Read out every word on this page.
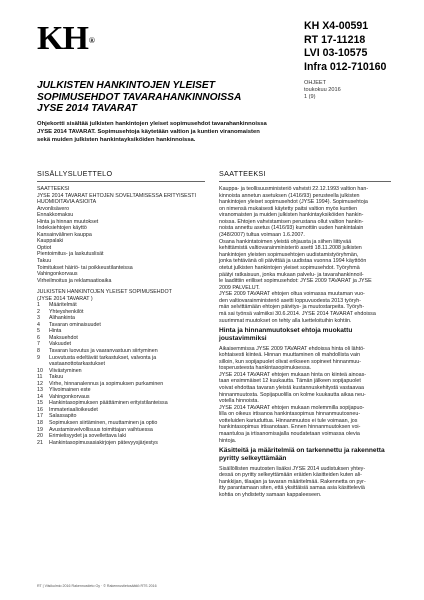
KH®
KH X4-00591
RT 17-11218
LVI 03-10575
Infra 012-710160
OHJEET
toukokuu 2016
1 (9)
JULKISTEN HANKINTOJEN YLEISET
SOPIMUSEHDOT TAVARAHANKINNOISSA
JYSE 2014 TAVARAT
Ohjekortti sisältää julkisten hankintojen yleiset sopimusehdot tavarahankinnoissa
JYSE 2014 TAVARAT. Sopimusehtoja käytetään valtion ja kuntien viranomaisten
sekä muiden julkisten hankintayksiköiden hankinnoissa.
SISÄLLYSLUETTELO
SAATTEEKSI
JYSE 2014 TAVARAT EHTOJEN SOVELTAMISESSA ERITYISESTI
HUOMIOITAVIA ASIOITA
Arvonlisävero
Ennakkomaksu
Hinta ja hinnan muutokset
Indeksiehtojen käyttö
Kansainvälinen kauppa
Kauppalaki
Optiot
Pientoimitus- ja laskutuslisät
Takuu
Toimitukset häiriö- tai poikkeustilanteissa
Vahingonkorvaus
Virheilmoitus ja reklamaatioaika
JULKISTEN HANKINTOJEN YLEISET SOPIMUSEHDOT
(JYSE 2014 TAVARAT )
1 Määritelmät
2 Yhteyshenkilöt
3 Alihankinta
4 Tavaran ominaisuudet
5 Hinta
6 Maksuehdot
7 Vakuudet
8 Tavaran luovutus ja vaaranvastuun siirtyminen
9 Luovutusta edeltävät tarkastukset, valvonta ja
vastaanottotarkastukset
10 Viivästyminen
11 Takuu
12 Virhe, hinnanalennus ja sopimuksen purkaminen
13 Ylivoimainen este
14 Vahingonkorvaus
15 Hankintasopimuksen päättäminen erityistilanteissa
16 Immateriaalioikeudet
17 Salassapito
18 Sopimuksen siirtäminen, muuttaminen ja optio
19 Avustamisvelvollisuus toimittajan vaihtuessa
20 Erimielisyydet ja sovellettava laki
21 Hankintasopimusasiakirjojen pätevyysjärjestys
SAATTEEKSI
Kauppa- ja teollisuusministeriö vahvisti 22.12.1993 valtion han-
kinnoista annetun asetuksen (1416/93) perusteella julkisten
hankintojen yleiset sopimusehdot (JYSE 1994). Sopimusehtoja
on nimensä mukaisesti käytetty paitsi valtion myös kuntien
viranomaisten ja muiden julkisten hankintayksiköiden hankin-
noissa. Ehtojen vahvistamisen perustana ollut valtion hankin-
noista annettu asetus (1416/93) kumottiin uuden hankintalain
(348/2007) tultua voimaan 1.6.2007.
Osana hankintatoimen yleistä ohjausta ja siihen liittyvää
kehittämistä valtiovarainministeriö asetti 18.11.2008 julkisten
hankintojen yleisten sopimusehtojen uudistamistyöryhmän,
jonka tehtävänä oli päivittää ja uudistaa vuonna 1994 käyttöön
otetut julkisten hankintojen yleiset sopimusehdot. Työryhmä
päätyi ratkaisuun, jonka mukaan palvelu- ja tavarahankinnoil-
le laadittiin erilliset sopimusehdot: JYSE 2009 TAVARAT ja JYSE
2009 PALVELUT.
JYSE 2009 TAVARAT ehtojen oltua voimassa muutaman vuo-
den valtiovarainministeriö asetti loppuvuodesta 2013 työryh-
män selvittämään ehtojen päivitys- ja muutostarpeita. Työryh-
mä sai työnsä valmiiksi 30.6.2014. JYSE 2014 TAVARAT ehdoissa
suurimmat muutokset on tehty alla luetteloituihin kohtiin.
Hinta ja hinnanmuutokset ehtoja muokattu
joustavimmiksi
Aikaisemmissa JYSE 2009 TAVARAT ehdoissa hinta oli lähtö-
kohtaisesti kiinteä. Hinnan muuttaminen oli mahdollista vain
silloin, kun sopijapuolet olivat erikseen sopineet hinnanmuu-
tosperusteesta hankintasopimuksessa.
JYSE 2014 TAVARAT ehtojen mukaan hinta on kiinteä ainoas-
taan ensimmäiset 12 kuukautta. Tämän jälkeen sopijapuolet
voivat ehdottaa tavaran yleistä kustannuskehitystä vastaavaa
hinnanmuutosta. Sopijapuolilla on kolme kuukautta aikaa neu-
votella hinnoista.
JYSE 2014 TAVARAT ehtojen mukaan molemmilla sopijapuo-
lilla on oikeus irtisanoa hankintasopimus hinnanmuutosneu-
votteluiden kariuduttua. Hinnanmuutos ei tule voimaan, jos
hankintasopimus irtisanotaan. Ennen hinnanmuutoksen voi-
maantuloa ja irtisanomisajalla noudatetaan voimassa olevia
hintoja.
Käsitteitä ja määritelmiä on tarkennettu ja rakennetta
pyritty selkeyttämään
Sisällöllisten muutosten lisäksi JYSE 2014 uudistuksen yhtey-
dessä on pyritty selkeyttämään eräiden käsitteiden kuten ali-
hankkijan, tilaajan ja tavaran määritelmää. Rakennetta on pyr-
itty parantamaan siten, että yksittäisiä samaa asia käsitteleviä
kohtia on yhdistetty samaan kappaleeseen.
RT | Viisikulmio 2016 Rakennustieto Oy · © Rakennustietosäätiö RTS 2016
